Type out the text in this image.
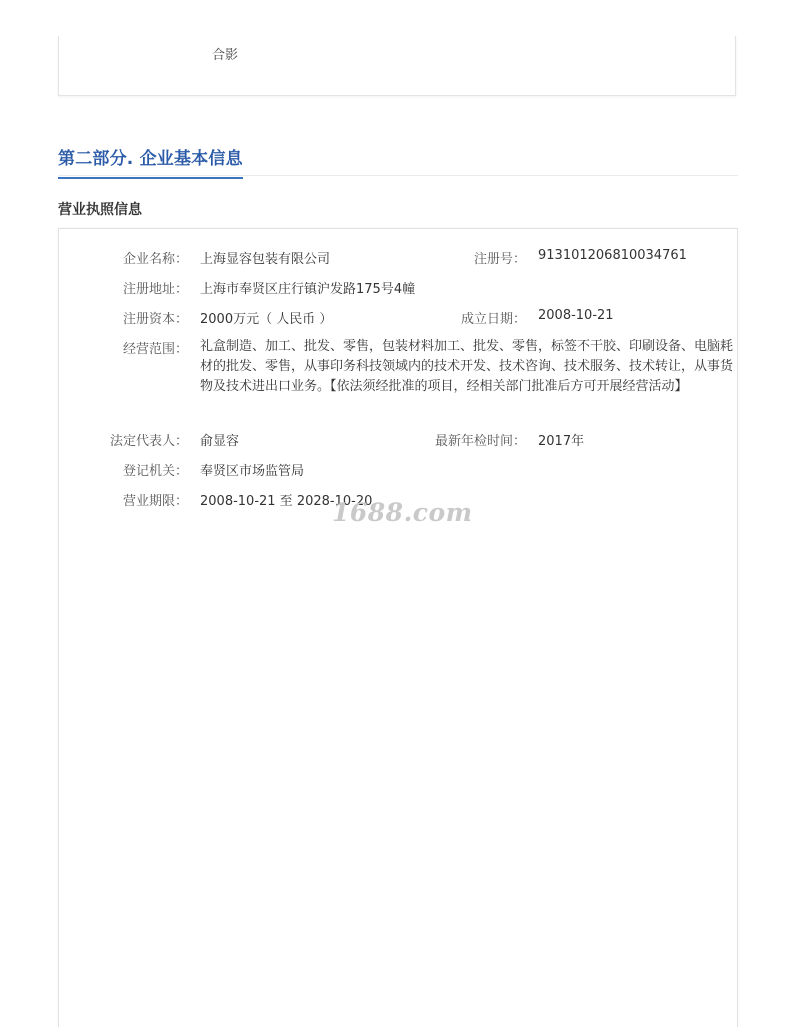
合影
第二部分. 企业基本信息
营业执照信息
企业名称： 上海显容包装有限公司	注册号： 913101206810034761
注册地址： 上海市奉贤区庄行镇沪发路175号4幢
注册资本： 2000万元（ 人民币 ）	成立日期： 2008-10-21
经营范围： 礼盒制造、加工、批发、零售，包装材料加工、批发、零售，标签不干胶、印刷设备、电脑耗材的批发、零售，从事印务科技领域内的技术开发、技术咨询、技术服务、技术转让，从事货物及技术进出口业务。【依法须经批准的项目，经相关部门批准后方可开展经营活动】
法定代表人： 俞显容	最新年检时间： 2017年
登记机关： 奉贤区市场监管局
营业期限： 2008-10-21 至 2028-10-20
1688.com
